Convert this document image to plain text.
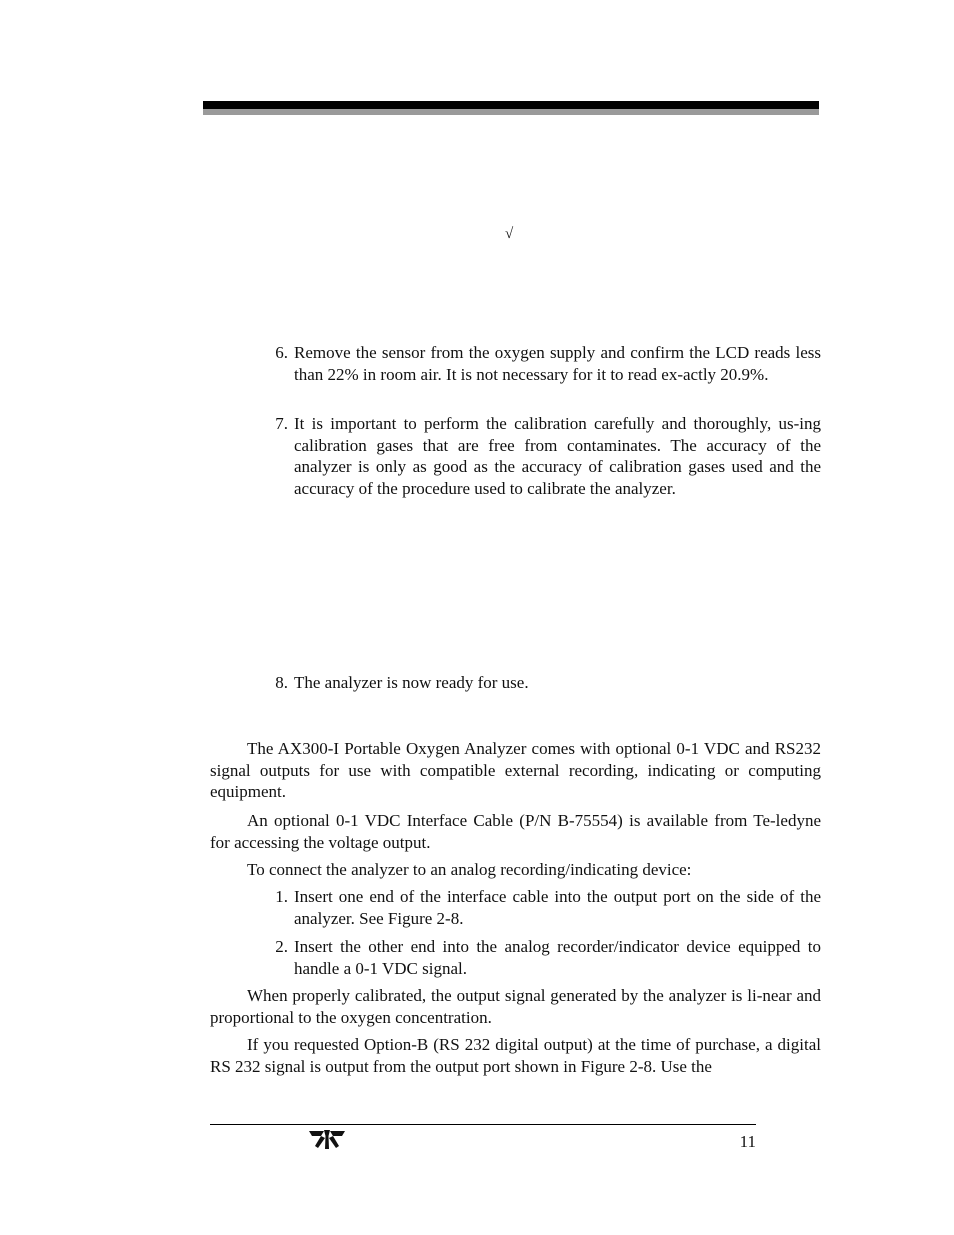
√
6. Remove the sensor from the oxygen supply and confirm the LCD reads less than 22% in room air. It is not necessary for it to read ex-actly 20.9%.
7. It is important to perform the calibration carefully and thoroughly, us-ing calibration gases that are free from contaminates. The accuracy of the analyzer is only as good as the accuracy of calibration gases used and the accuracy of the procedure used to calibrate the analyzer.
8. The analyzer is now ready for use.
The AX300-I Portable Oxygen Analyzer comes with optional 0-1 VDC and RS232 signal outputs for use with compatible external recording, indicating or computing equipment.
An optional 0-1 VDC Interface Cable (P/N B-75554) is available from Te-ledyne for accessing the voltage output.
To connect the analyzer to an analog recording/indicating device:
1. Insert one end of the interface cable into the output port on the side of the analyzer. See Figure 2-8.
2. Insert the other end into the analog recorder/indicator device equipped to handle a 0-1 VDC signal.
When properly calibrated, the output signal generated by the analyzer is li-near and proportional to the oxygen concentration.
If you requested Option-B (RS 232 digital output) at the time of purchase, a digital RS 232 signal is output from the output port shown in Figure 2-8. Use the
11
